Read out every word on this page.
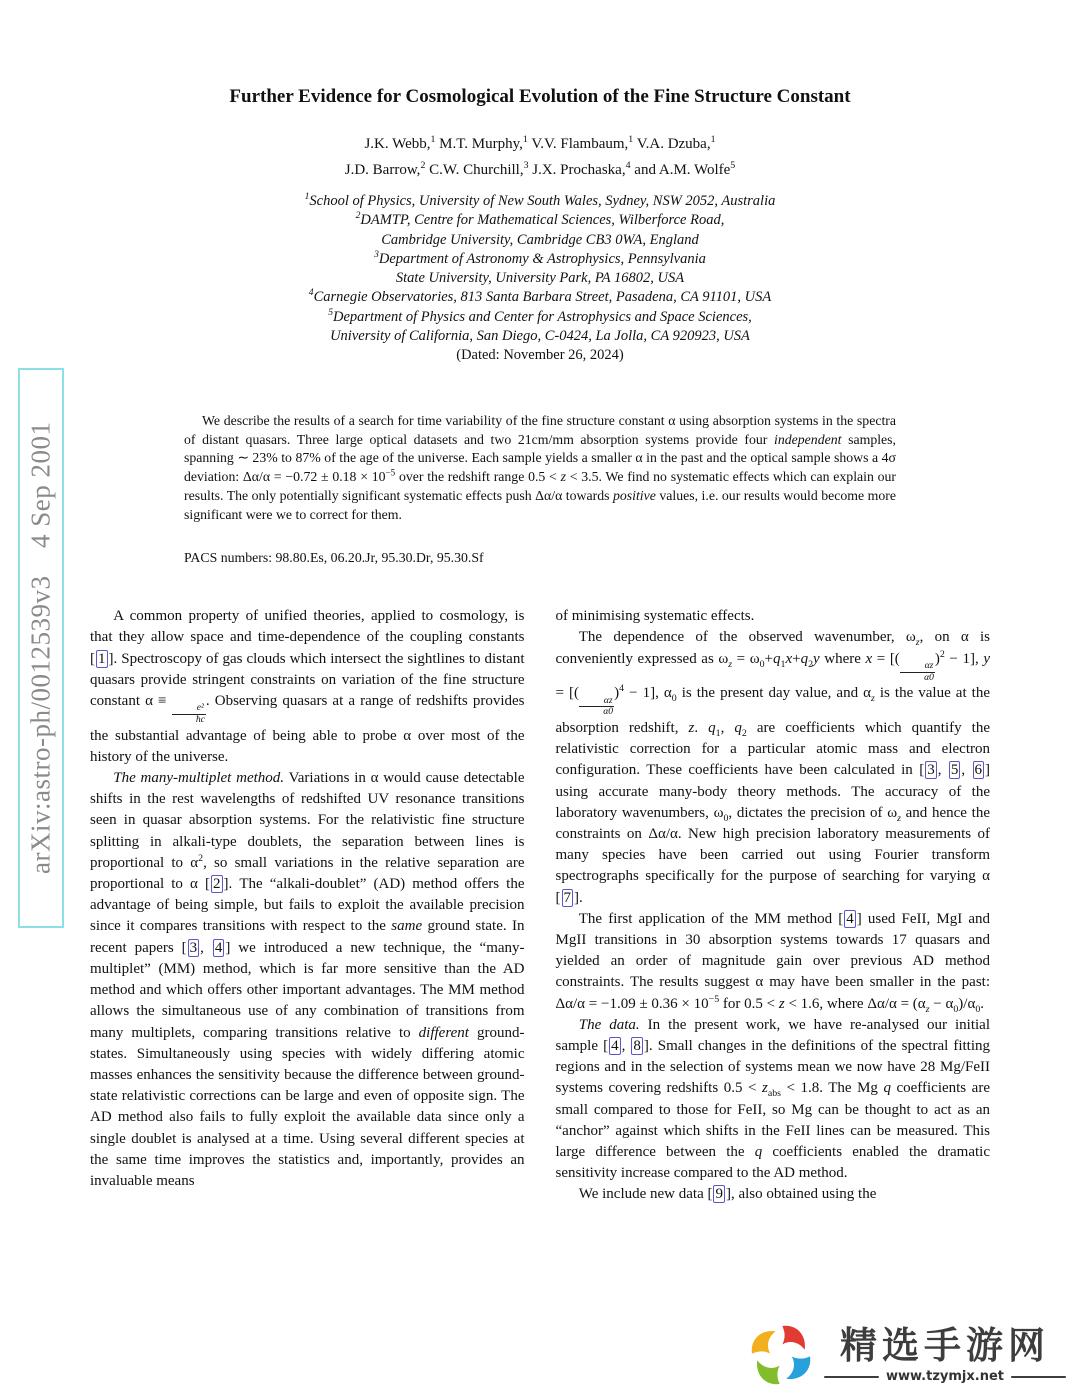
arXiv:astro-ph/0012539v3
4 Sep 2001
Further Evidence for Cosmological Evolution of the Fine Structure Constant
J.K. Webb,$^1$ M.T. Murphy,$^1$ V.V. Flambaum,$^1$ V.A. Dzuba,$^1$
J.D. Barrow,$^2$ C.W. Churchill,$^3$ J.X. Prochaska,$^4$ and A.M. Wolfe$^5$
$^1$School of Physics, University of New South Wales, Sydney, NSW 2052, Australia
$^2$DAMTP, Centre for Mathematical Sciences, Wilberforce Road,
Cambridge University, Cambridge CB3 0WA, England
$^3$Department of Astronomy & Astrophysics, Pennsylvania
State University, University Park, PA 16802, USA
$^4$Carnegie Observatories, 813 Santa Barbara Street, Pasadena, CA 91101, USA
$^5$Department of Physics and Center for Astrophysics and Space Sciences,
University of California, San Diego, C-0424, La Jolla, CA 920923, USA
(Dated: November 26, 2024)
We describe the results of a search for time variability of the fine structure constant α using absorption systems in the spectra of distant quasars. Three large optical datasets and two 21cm/mm absorption systems provide four independent samples, spanning ∼ 23% to 87% of the age of the universe. Each sample yields a smaller α in the past and the optical sample shows a 4σ deviation: $\Delta\alpha/\alpha = -0.72 \pm 0.18 \times 10^{-5}$ over the redshift range 0.5 < z < 3.5. We find no systematic effects which can explain our results. The only potentially significant systematic effects push Δα/α towards positive values, i.e. our results would become more significant were we to correct for them.
PACS numbers: 98.80.Es, 06.20.Jr, 95.30.Dr, 95.30.Sf

A common property of unified theories, applied to cosmology, is that they allow space and time-dependence of the coupling constants [ 1 ]. Spectroscopy of gas clouds which intersect the sightlines to distant quasars provide stringent constraints on variation of the fine structure constant α ≡
$\frac{\text{e²}}{ħc}$
. Observing quasars at a range of redshifts provides the substantial advantage of being able to probe α over most of the history of the universe.

The many-multiplet method. Variations in α would cause detectable shifts in the rest wavelengths of redshifted UV resonance transitions seen in quasar absorption systems. For the relativistic fine structure splitting in alkali-type doublets, the separation between lines is proportional to $\alpha^2$, so small variations in the relative separation are proportional to α [ 2 ]. The “alkali-doublet” (AD) method offers the advantage of being simple, but fails to exploit the available precision since it compares transitions with respect to the same ground state. In recent papers [ 3 , 4 ] we introduced a new technique, the “many-multiplet” (MM) method, which is far more sensitive than the AD method and which offers other important advantages. The MM method allows the simultaneous use of any combination of transitions from many multiplets, comparing transitions relative to different ground-states. Simultaneously using species with widely differing atomic masses enhances the sensitivity because the difference between ground-state relativistic corrections can be large and even of opposite sign. The AD method also fails to fully exploit the available data since only a single doublet is analysed at a time. Using several different species at the same time improves the statistics and, importantly, provides an invaluable means

of minimising systematic effects.

The dependence of the observed wavenumber, $\omega_z$, on α is conveniently expressed as $\omega_z = \omega_0+q_1x+q_2y$ where x = [(
$\frac{\alpha z}{\alpha 0}$
)$^2$ − 1], y = [(
$\frac{\alpha z}{\alpha 0}$
)$^4$ − 1], $\alpha_0$ is the present day value, and $\alpha_z$ is the value at the absorption redshift, z. $q_1$, $q_2$ are coefficients which quantify the relativistic correction for a particular atomic mass and electron configuration. These coefficients have been calculated in [ 3 , 5 , 6 ] using accurate many-body theory methods. The accuracy of the laboratory wavenumbers, $\omega_0$, dictates the precision of $\omega_z$ and hence the constraints on Δα/α. New high precision laboratory measurements of many species have been carried out using Fourier transform spectrographs specifically for the purpose of searching for varying α [ 7 ].

The first application of the MM method [ 4 ] used FeII, MgI and MgII transitions in 30 absorption systems towards 17 quasars and yielded an order of magnitude gain over previous AD method constraints. The results suggest α may have been smaller in the past: $\Delta\alpha/\alpha = -1.09 \pm 0.36 \times 10^{-5}$ for 0.5 < z < 1.6, where $\Delta\alpha/\alpha = (\alpha_z - \alpha_0)/\alpha_0$.

The data. In the present work, we have re-analysed our initial sample [ 4 , 8 ]. Small changes in the definitions of the spectral fitting regions and in the selection of systems mean we now have 28 Mg/FeII systems covering redshifts $0.5 < z_{abs} < 1.8$. The Mg q coefficients are small compared to those for FeII, so Mg can be thought to act as an “anchor” against which shifts in the FeII lines can be measured. This large difference between the q coefficients enabled the dramatic sensitivity increase compared to the AD method.

We include new data [ 9 ], also obtained using the

精选手游网
www.tzymjx.net
